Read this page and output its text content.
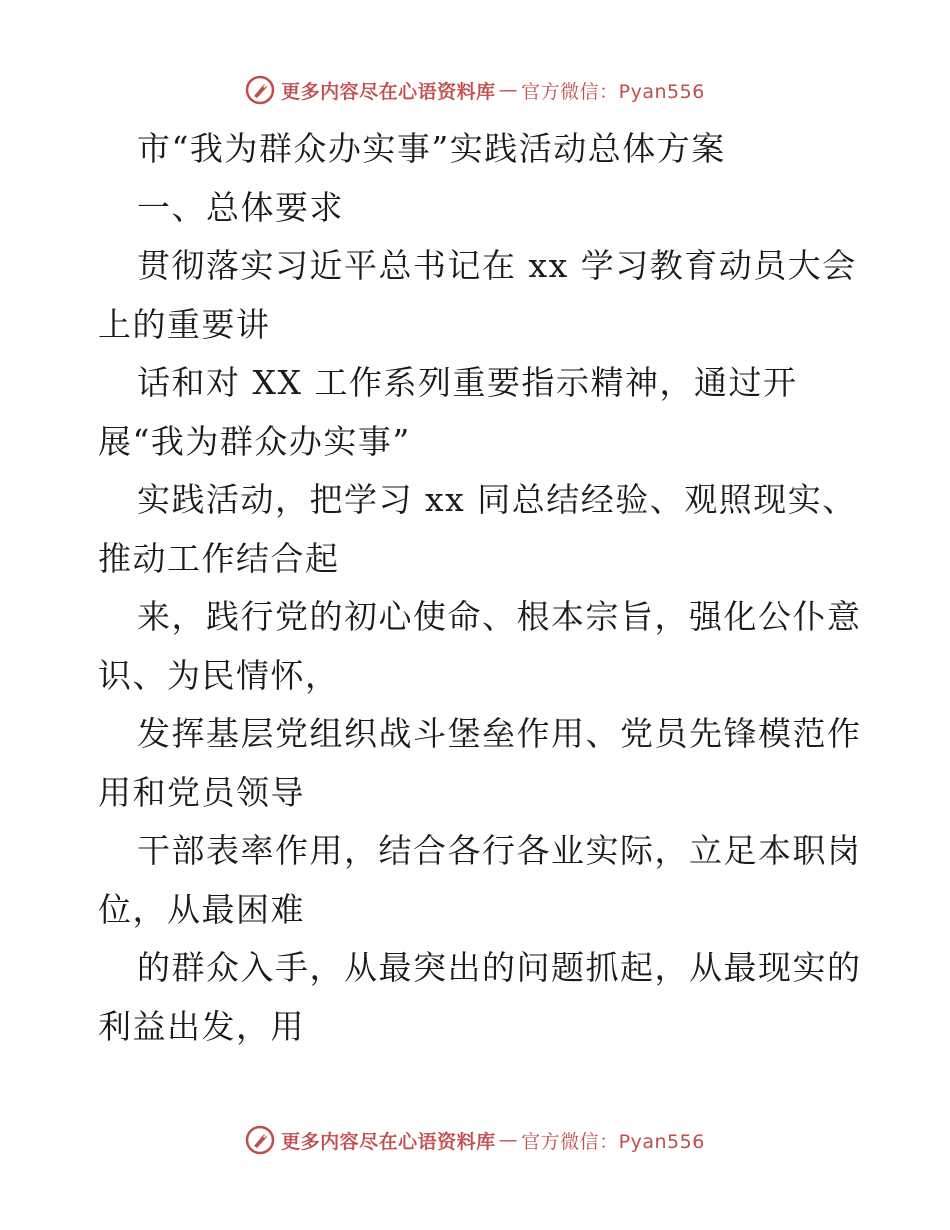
更多内容尽在心语资料库 — 官方微信：Pyan556
市“我为群众办实事”实践活动总体方案
一、总体要求
贯彻落实习近平总书记在 xx 学习教育动员大会
上的重要讲
话和对 XX 工作系列重要指示精神，通过开
展“我为群众办实事”
实践活动，把学习 xx 同总结经验、观照现实、
推动工作结合起
来，践行党的初心使命、根本宗旨，强化公仆意
识、为民情怀，
发挥基层党组织战斗堡垒作用、党员先锋模范作
用和党员领导
干部表率作用，结合各行各业实际，立足本职岗
位，从最困难
的群众入手，从最突出的问题抓起，从最现实的
利益出发，用
更多内容尽在心语资料库 — 官方微信：Pyan556
